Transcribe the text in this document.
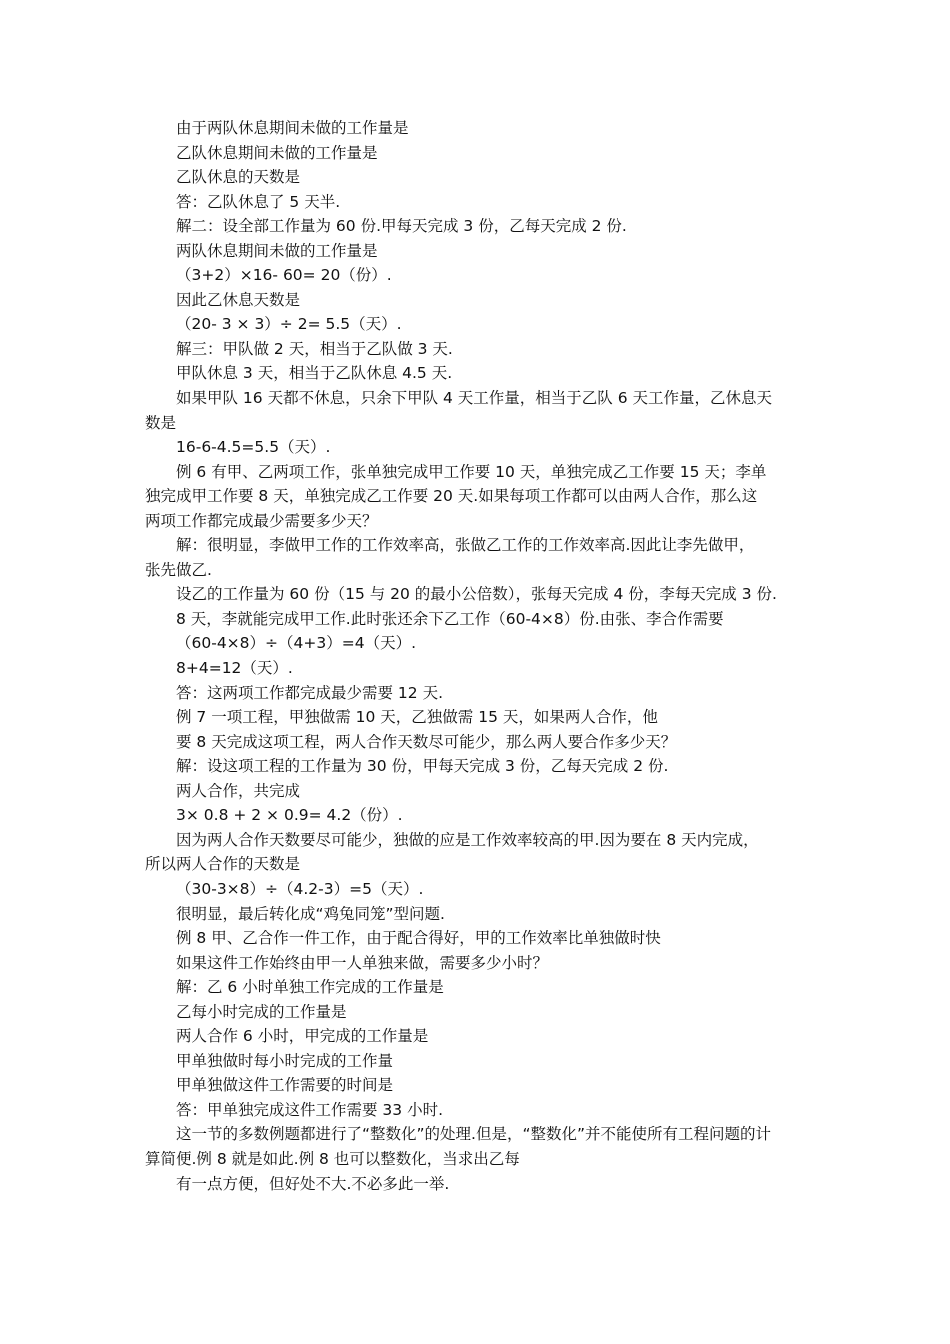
由于两队休息期间未做的工作量是
乙队休息期间未做的工作量是
乙队休息的天数是
答：乙队休息了 5 天半.
解二：设全部工作量为 60 份.甲每天完成 3 份，乙每天完成 2 份.
两队休息期间未做的工作量是
（3+2）×16- 60= 20（份）.
因此乙休息天数是
（20- 3 × 3）÷ 2= 5.5（天）.
解三：甲队做 2 天，相当于乙队做 3 天.
甲队休息 3 天，相当于乙队休息 4.5 天.
如果甲队 16 天都不休息，只余下甲队 4 天工作量，相当于乙队 6 天工作量，乙休息天
数是
16-6-4.5=5.5（天）.
例 6 有甲、乙两项工作，张单独完成甲工作要 10 天，单独完成乙工作要 15 天；李单
独完成甲工作要 8 天，单独完成乙工作要 20 天.如果每项工作都可以由两人合作，那么这
两项工作都完成最少需要多少天？
解：很明显，李做甲工作的工作效率高，张做乙工作的工作效率高.因此让李先做甲，
张先做乙.
设乙的工作量为 60 份（15 与 20 的最小公倍数），张每天完成 4 份，李每天完成 3 份.
8 天，李就能完成甲工作.此时张还余下乙工作（60-4×8）份.由张、李合作需要
（60-4×8）÷（4+3）=4（天）.
8+4=12（天）.
答：这两项工作都完成最少需要 12 天.
例 7 一项工程，甲独做需 10 天，乙独做需 15 天，如果两人合作，他
要 8 天完成这项工程，两人合作天数尽可能少，那么两人要合作多少天？
解：设这项工程的工作量为 30 份，甲每天完成 3 份，乙每天完成 2 份.
两人合作，共完成
3× 0.8 + 2 × 0.9= 4.2（份）.
因为两人合作天数要尽可能少，独做的应是工作效率较高的甲.因为要在 8 天内完成，
所以两人合作的天数是
（30-3×8）÷（4.2-3）=5（天）.
很明显，最后转化成“鸡兔同笼”型问题.
例 8 甲、乙合作一件工作，由于配合得好，甲的工作效率比单独做时快
如果这件工作始终由甲一人单独来做，需要多少小时？
解：乙 6 小时单独工作完成的工作量是
乙每小时完成的工作量是
两人合作 6 小时，甲完成的工作量是
甲单独做时每小时完成的工作量
甲单独做这件工作需要的时间是
答：甲单独完成这件工作需要 33 小时.
这一节的多数例题都进行了“整数化”的处理.但是，“整数化”并不能使所有工程问题的计
算简便.例 8 就是如此.例 8 也可以整数化，当求出乙每
有一点方便，但好处不大.不必多此一举.
